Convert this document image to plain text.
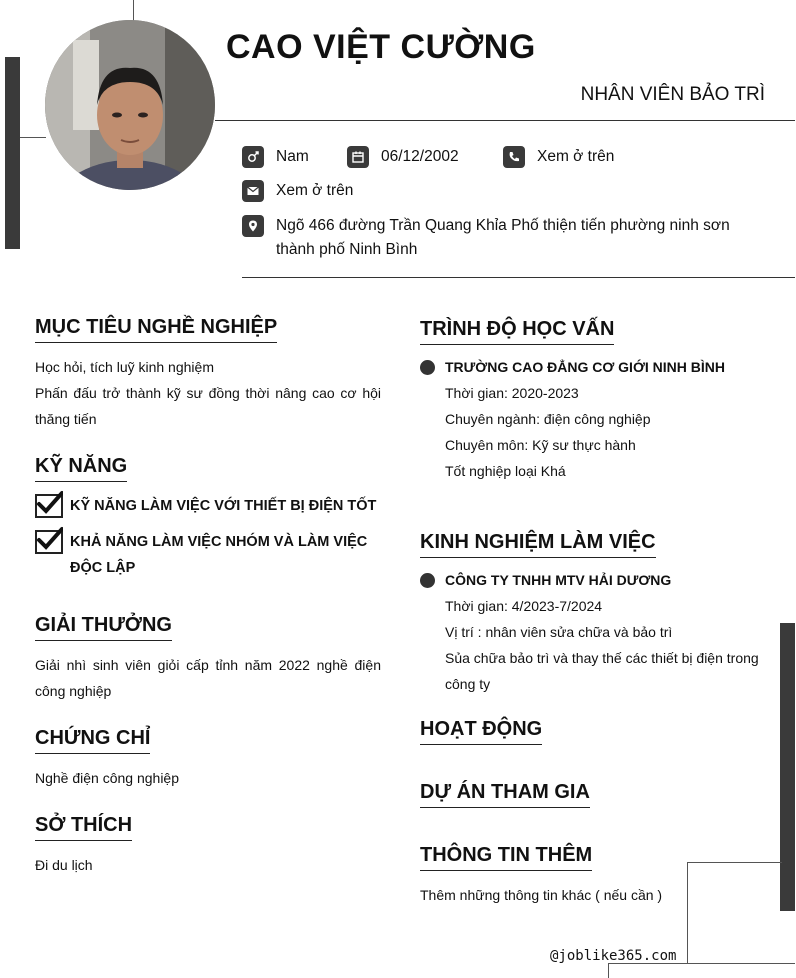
CAO VIỆT CƯỜNG
NHÂN VIÊN BẢO TRÌ
Nam	06/12/2002	Xem ở trên
Xem ở trên
Ngõ 466 đường Trần Quang Khỉa Phố thiện tiến phường ninh sơn thành phố Ninh Bình
MỤC TIÊU NGHỀ NGHIỆP
Học hỏi, tích luỹ kinh nghiệm
Phấn đấu trở thành kỹ sư đồng thời nâng cao cơ hội thăng tiến
KỸ NĂNG
KỸ NĂNG LÀM VIỆC VỚI THIẾT BỊ ĐIỆN TỐT
KHẢ NĂNG LÀM VIỆC NHÓM VÀ LÀM VIỆC ĐỘC LẬP
GIẢI THƯỞNG
Giải nhì sinh viên giỏi cấp tỉnh năm 2022 nghề điện công nghiệp
CHỨNG CHỈ
Nghề điện công nghiệp
SỞ THÍCH
Đi du lịch
TRÌNH ĐỘ HỌC VẤN
TRƯỜNG CAO ĐẲNG CƠ GIỚI NINH BÌNH
Thời gian: 2020-2023
Chuyên ngành: điện công nghiệp
Chuyên môn: Kỹ sư thực hành
Tốt nghiệp loại Khá
KINH NGHIỆM LÀM VIỆC
CÔNG TY TNHH MTV HẢI DƯƠNG
Thời gian: 4/2023-7/2024
Vị trí : nhân viên sửa chữa và bảo trì
Sủa chữa bảo trì và thay thế các thiết bị điện trong công ty
HOẠT ĐỘNG
DỰ ÁN THAM GIA
THÔNG TIN THÊM
Thêm những thông tin khác ( nếu cần )
@joblike365.com
